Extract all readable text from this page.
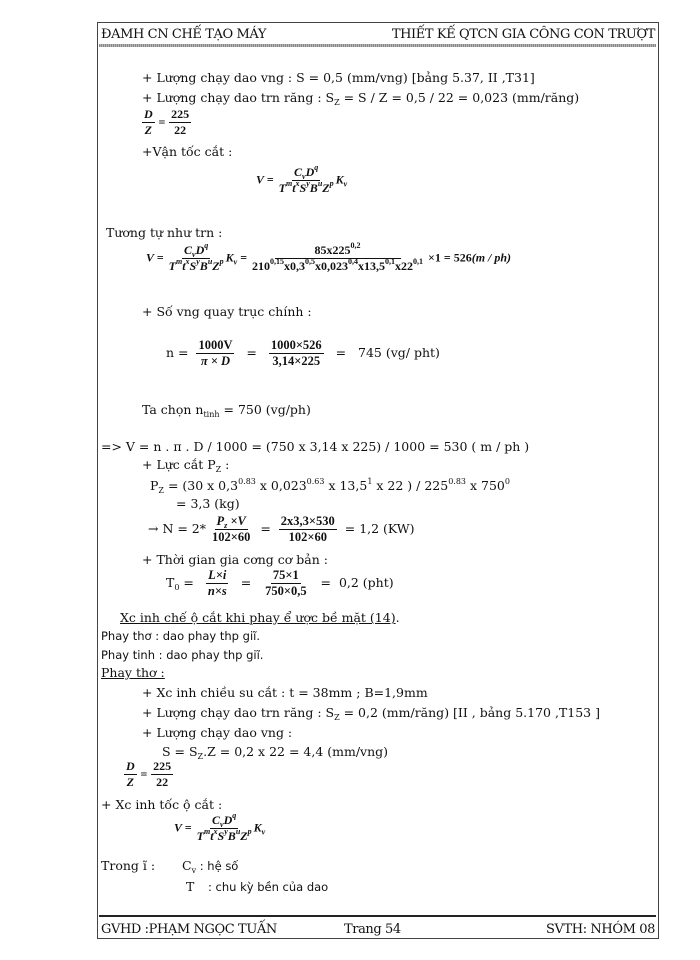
ĐAMH CN CHẾ TẠO MÁY	THIẾT KẾ QTCN GIA CÔNG CON TRƯỢT
+ Lượng chạy dao vng : S = 0,5 (mm/vng) [bảng 5.37, II ,T31]
+ Lượng chạy dao trn răng : $S_Z = S / Z = 0,5 / 22 = 0,023$ (mm/răng)
$\frac{D}{Z} = \frac{225}{22}$
+Vận tốc cắt :
$V = \frac{C_vD^q}{T^mt^xS^yB^uZ^p} K_v$
Tương tự như trn :
$V = \frac{C_vD^q}{T^mt^xS^yB^uZ^p} K_v = \frac{85x225^{0,2}}{210^{0,15}x0,3^{0,5}x0,023^{0,4}x13,5^{0,1}x22^{0,1}} \times 1 = 526(m / ph)$
+ Số vng quay trục chính :
$n = \frac{1000V}{\pi \times D} = \frac{1000\times 526}{3,14\times 225} = 745$ (vg/ pht)
Ta chọn $n_{tinh} = 750$ (vg/ph)
=> V = n . π . D / 1000 = (750 x 3,14 x 225) / 1000 = 530 ( m / ph )
+ Lực cắt $P_Z$ :
$P_Z = (30$ x $0,3^{0.83}$ x $0,023^{0.63}$ x 13,5$^1$ x 22 ) / $225^{0.83}$ x $750^0$
= 3,3 (kg)
→ $N = 2* \frac{P_z \times V}{102\times 60} = \frac{2x3,3\times 530}{102\times 60} = 1,2$ (KW)
+ Thời gian gia cơng cơ bản :
$T_0 = \frac{L\times i}{n\times s} = \frac{75\times 1}{750\times 0,5} = 0,2$ (pht)
Xc inh chế ộ cắt khi phay ể ược bề mặt (14).
Phay thơ : dao phay thp giĩ.
Phay tinh : dao phay thp giĩ.
Phay thơ :
+ Xc inh chiều su cắt : t = 38mm ; B=1,9mm
+ Lượng chạy dao trn răng : $S_Z = 0,2$ (mm/răng) [II , bảng 5.170 ,T153 ]
+ Lượng chạy dao vng :
$S = S_Z.Z = 0,2$ x 22 = 4,4 (mm/vng)
$\frac{D}{Z} = \frac{225}{22}$
+ Xc inh tốc ộ cắt :
$V = \frac{C_vD^q}{T^mt^xS^yB^uZ^p} K_v$
Trong ĩ : $C_v$ : hệ số
T : chu kỳ bền của dao
GVHD :PHẠM NGỌC TUẤN	Trang 54	SVTH: NHÓM 08
